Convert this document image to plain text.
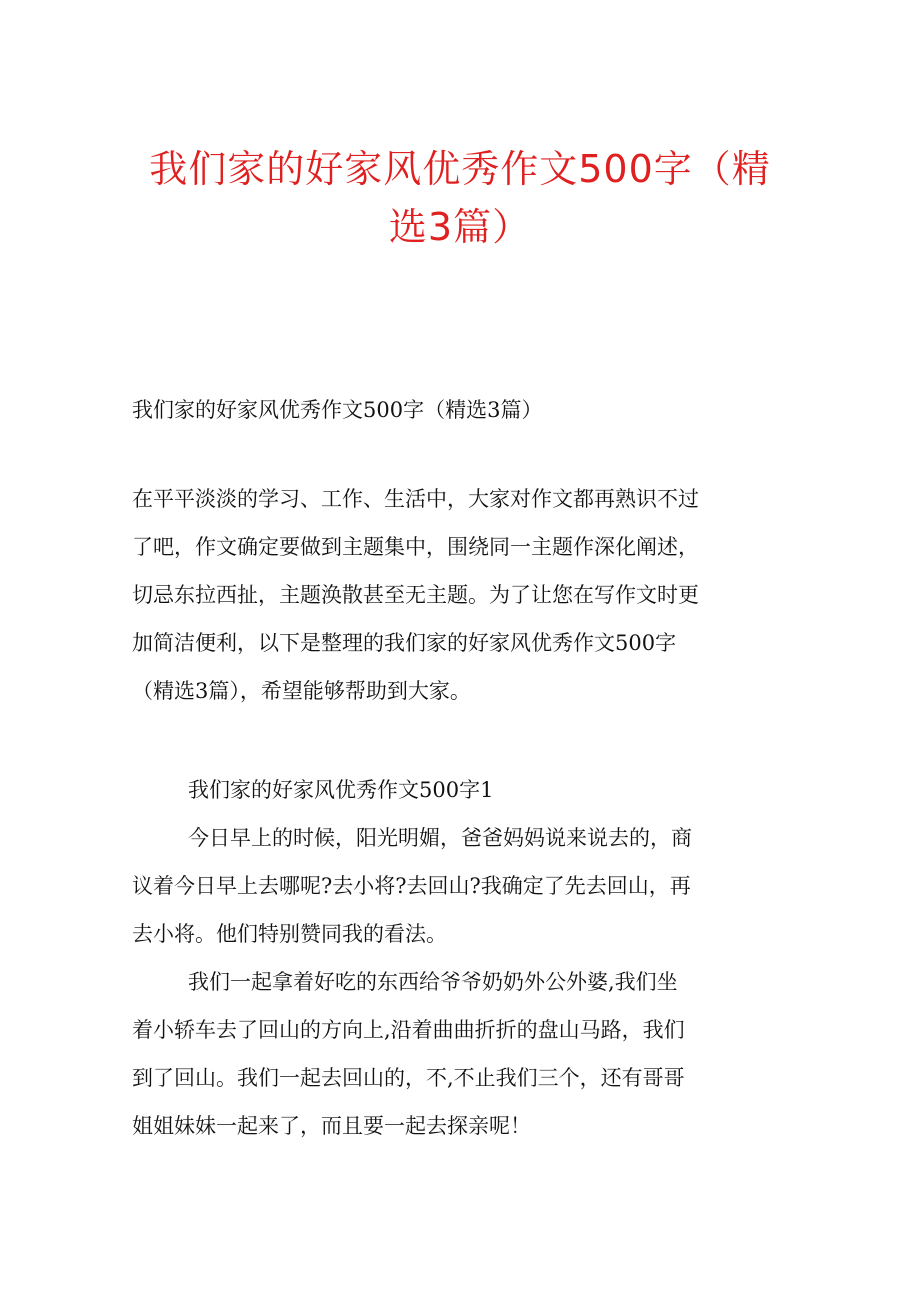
我们家的好家风优秀作文500字（精
选3篇）
我们家的好家风优秀作文500字（精选3篇）

在平平淡淡的学习、工作、生活中，大家对作文都再熟识不过
了吧，作文确定要做到主题集中，围绕同一主题作深化阐述，
切忌东拉西扯，主题涣散甚至无主题。为了让您在写作文时更
加简洁便利，以下是整理的我们家的好家风优秀作文500字
（精选3篇），希望能够帮助到大家。

我们家的好家风优秀作文500字1

今日早上的时候，阳光明媚，爸爸妈妈说来说去的，商
议着今日早上去哪呢?去小将?去回山?我确定了先去回山，再
去小将。他们特别赞同我的看法。

我们一起拿着好吃的东西给爷爷奶奶外公外婆,我们坐
着小轿车去了回山的方向上,沿着曲曲折折的盘山马路，我们
到了回山。我们一起去回山的，不,不止我们三个，还有哥哥
姐姐妹妹一起来了，而且要一起去探亲呢！
